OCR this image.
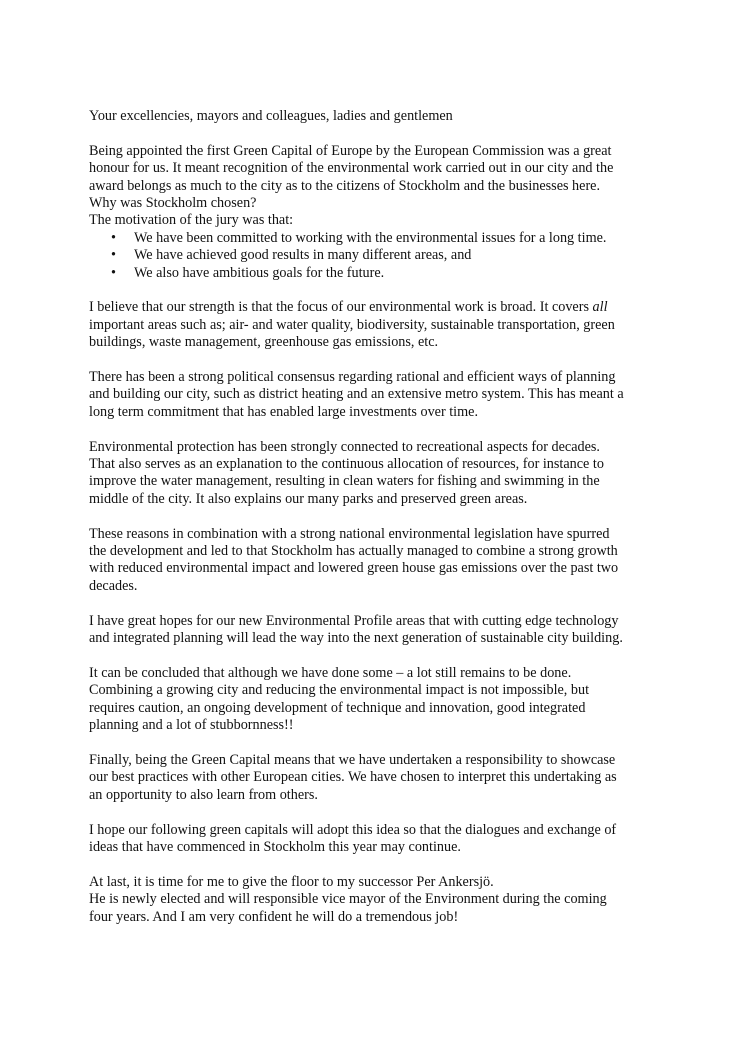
Your excellencies, mayors and colleagues, ladies and gentlemen

Being appointed the first Green Capital of Europe by the European Commission was a great

honour for us. It meant recognition of the environmental work carried out in our city and the

award belongs as much to the city as to the citizens of Stockholm and the businesses here.

Why was Stockholm chosen?

The motivation of the jury was that:

•	We have been committed to working with the environmental issues for a long time.
•	We have achieved good results in many different areas, and
•	We also have ambitious goals for the future.

I believe that our strength is that the focus of our environmental work is broad. It covers all

important areas such as; air- and water quality, biodiversity, sustainable transportation, green

buildings, waste management, greenhouse gas emissions, etc.

There has been a strong political consensus regarding rational and efficient ways of planning

and building our city, such as district heating and an extensive metro system. This has meant a

long term commitment that has enabled large investments over time.

Environmental protection has been strongly connected to recreational aspects for decades.

That also serves as an explanation to the continuous allocation of resources, for instance to

improve the water management, resulting in clean waters for fishing and swimming in the

middle of the city. It also explains our many parks and preserved green areas.

These reasons in combination with a strong national environmental legislation have spurred

the development and led to that Stockholm has actually managed to combine a strong growth

with reduced environmental impact and lowered green house gas emissions over the past two

decades.

I have great hopes for our new Environmental Profile areas that with cutting edge technology

and integrated planning will lead the way into the next generation of sustainable city building.

It can be concluded that although we have done some – a lot still remains to be done.

Combining a growing city and reducing the environmental impact is not impossible, but

requires caution, an ongoing development of technique and innovation, good integrated

planning and a lot of stubbornness!!

Finally, being the Green Capital means that we have undertaken a responsibility to showcase

our best practices with other European cities. We have chosen to interpret this undertaking as

an opportunity to also learn from others.

I hope our following green capitals will adopt this idea so that the dialogues and exchange of

ideas that have commenced in Stockholm this year may continue.

At last, it is time for me to give the floor to my successor Per Ankersjö.

He is newly elected and will responsible vice mayor of the Environment during the coming

four years. And I am very confident he will do a tremendous job!
